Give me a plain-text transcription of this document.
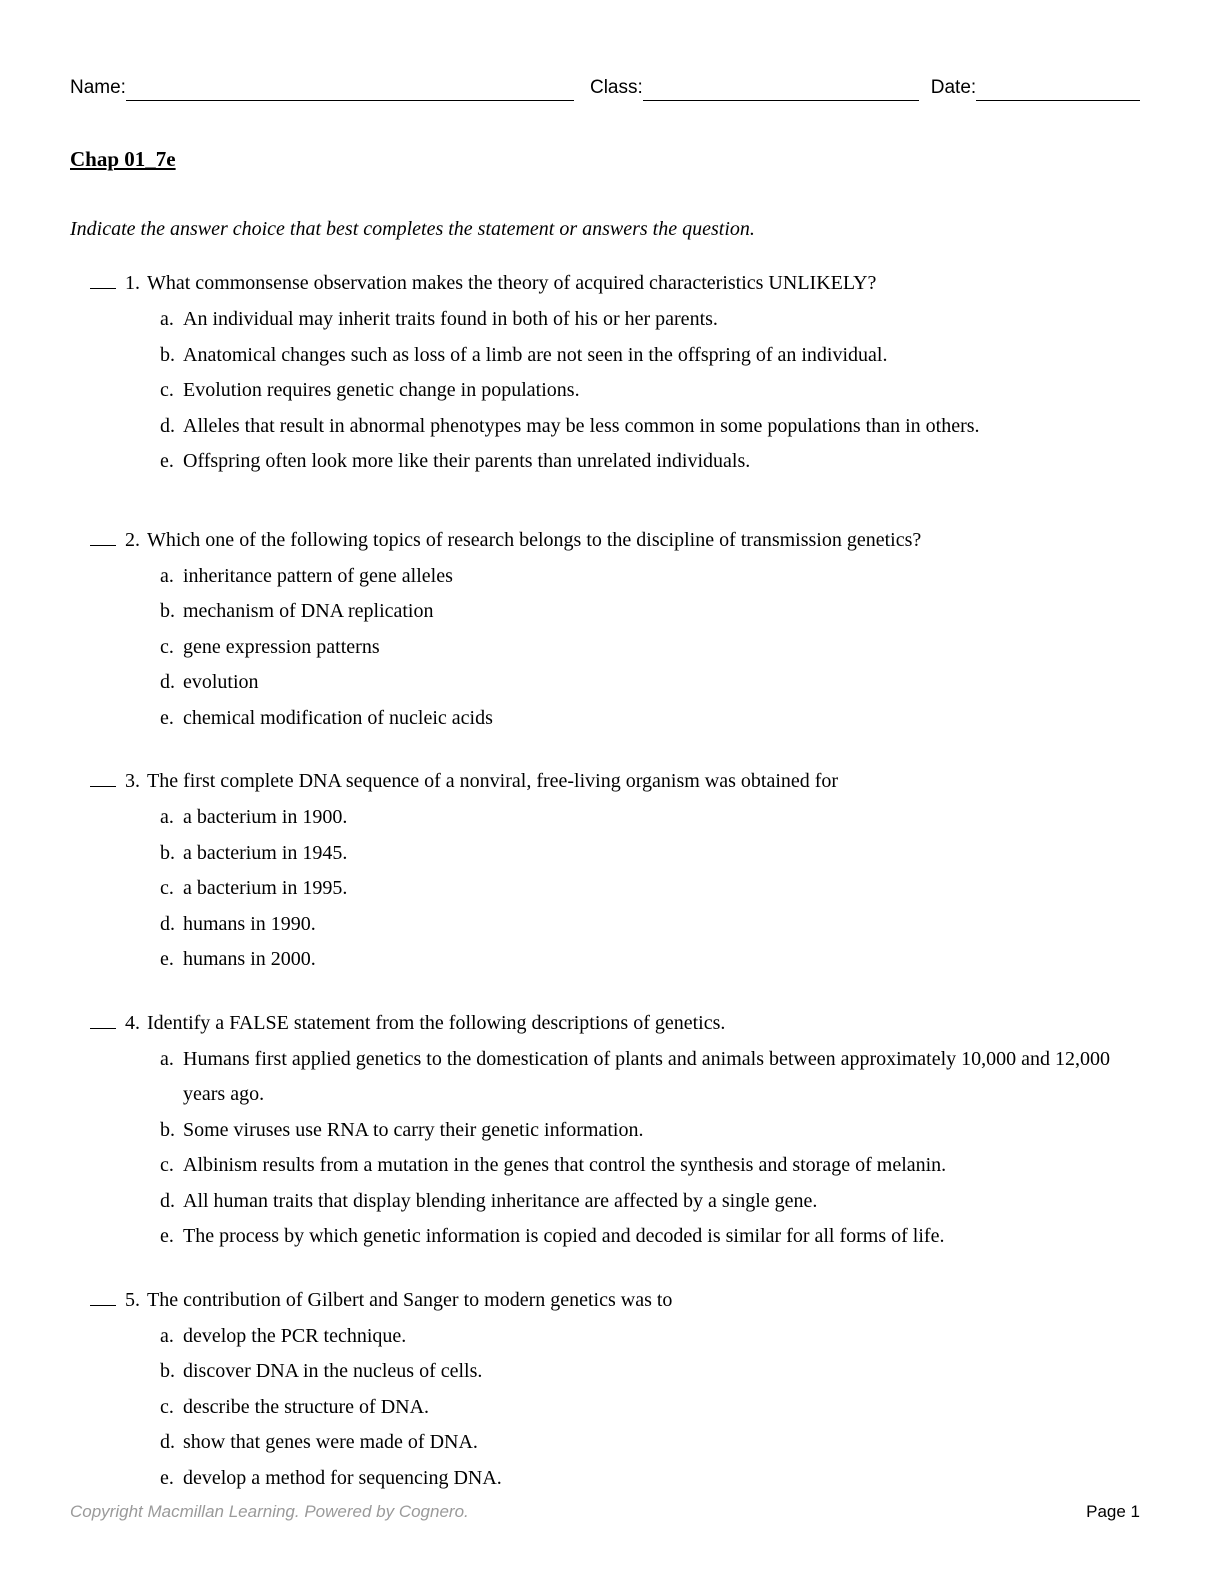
Name:	Class:	Date:
Chap 01_7e
Indicate the answer choice that best completes the statement or answers the question.
1. What commonsense observation makes the theory of acquired characteristics UNLIKELY?
a. An individual may inherit traits found in both of his or her parents.
b. Anatomical changes such as loss of a limb are not seen in the offspring of an individual.
c. Evolution requires genetic change in populations.
d. Alleles that result in abnormal phenotypes may be less common in some populations than in others.
e. Offspring often look more like their parents than unrelated individuals.
2. Which one of the following topics of research belongs to the discipline of transmission genetics?
a. inheritance pattern of gene alleles
b. mechanism of DNA replication
c. gene expression patterns
d. evolution
e. chemical modification of nucleic acids
3. The first complete DNA sequence of a nonviral, free-living organism was obtained for
a. a bacterium in 1900.
b. a bacterium in 1945.
c. a bacterium in 1995.
d. humans in 1990.
e. humans in 2000.
4. Identify a FALSE statement from the following descriptions of genetics.
a. Humans first applied genetics to the domestication of plants and animals between approximately 10,000 and 12,000 years ago.
b. Some viruses use RNA to carry their genetic information.
c. Albinism results from a mutation in the genes that control the synthesis and storage of melanin.
d. All human traits that display blending inheritance are affected by a single gene.
e. The process by which genetic information is copied and decoded is similar for all forms of life.
5. The contribution of Gilbert and Sanger to modern genetics was to
a. develop the PCR technique.
b. discover DNA in the nucleus of cells.
c. describe the structure of DNA.
d. show that genes were made of DNA.
e. develop a method for sequencing DNA.
Copyright Macmillan Learning. Powered by Cognero.	Page 1
